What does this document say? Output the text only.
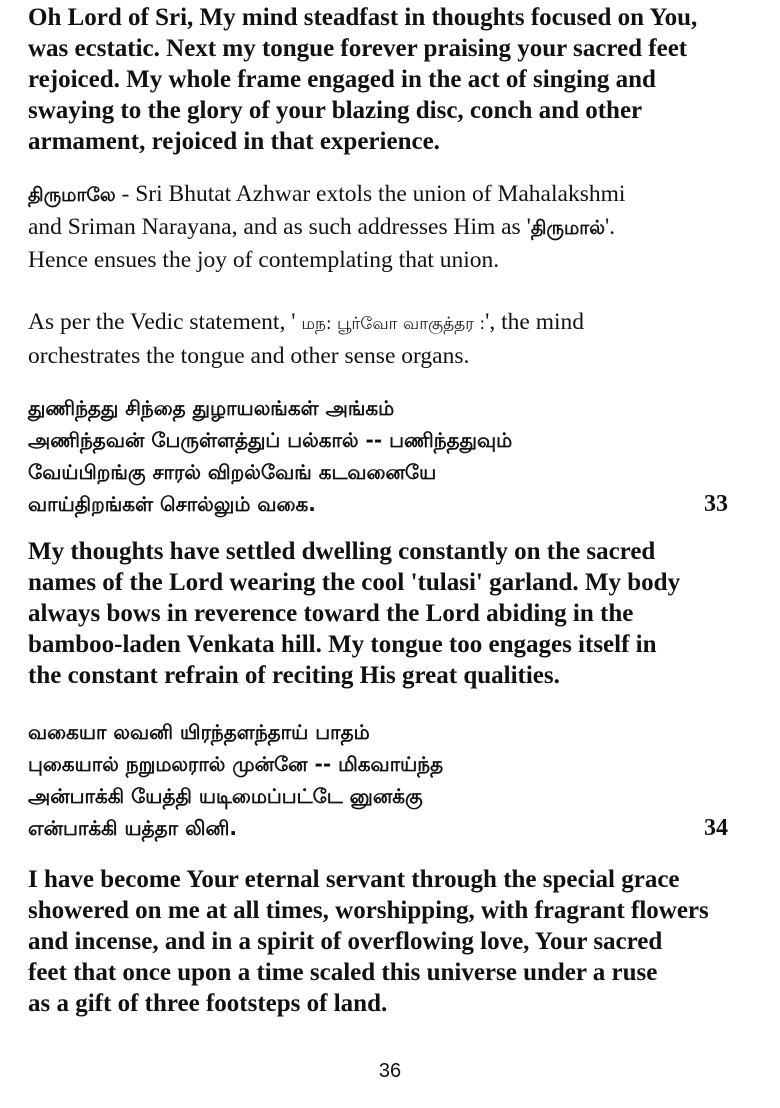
Oh Lord of Sri, My mind steadfast in thoughts focused on You,
was ecstatic. Next my tongue forever praising your sacred feet
rejoiced. My whole frame engaged in the act of singing and
swaying to the glory of your blazing disc, conch and other
armament, rejoiced in that experience.

திருமாலே - Sri Bhutat Azhwar extols the union of Mahalakshmi
and Sriman Narayana, and as such addresses Him as 'திருமால்'.
Hence ensues the joy of contemplating that union.

As per the Vedic statement, ' மந: பூர்வோ வாகுத்தர :', the mind
orchestrates the tongue and other sense organs.

துணிந்தது சிந்தை துழாயலங்கள் அங்கம்
அணிந்தவன் பேருள்ளத்துப் பல்கால் -- பணிந்ததுவும்
வேய்பிறங்கு சாரல் விறல்வேங் கடவனையே
வாய்திறங்கள் சொல்லும் வகை.	33

My thoughts have settled dwelling constantly on the sacred
names of the Lord wearing the cool 'tulasi' garland. My body
always bows in reverence toward the Lord abiding in the
bamboo-laden Venkata hill. My tongue too engages itself in
the constant refrain of reciting His great qualities.

வகையா லவனி யிரந்தளந்தாய் பாதம்
புகையால் நறுமலரால் முன்னே -- மிகவாய்ந்த
அன்பாக்கி யேத்தி யடிமைப்பட்டே னுனக்கு
என்பாக்கி யத்தா லினி.	34

I have become Your eternal servant through the special grace
showered on me at all times, worshipping, with fragrant flowers
and incense, and in a spirit of overflowing love, Your sacred
feet that once upon a time scaled this universe under a ruse
as a gift of three footsteps of land.

36
